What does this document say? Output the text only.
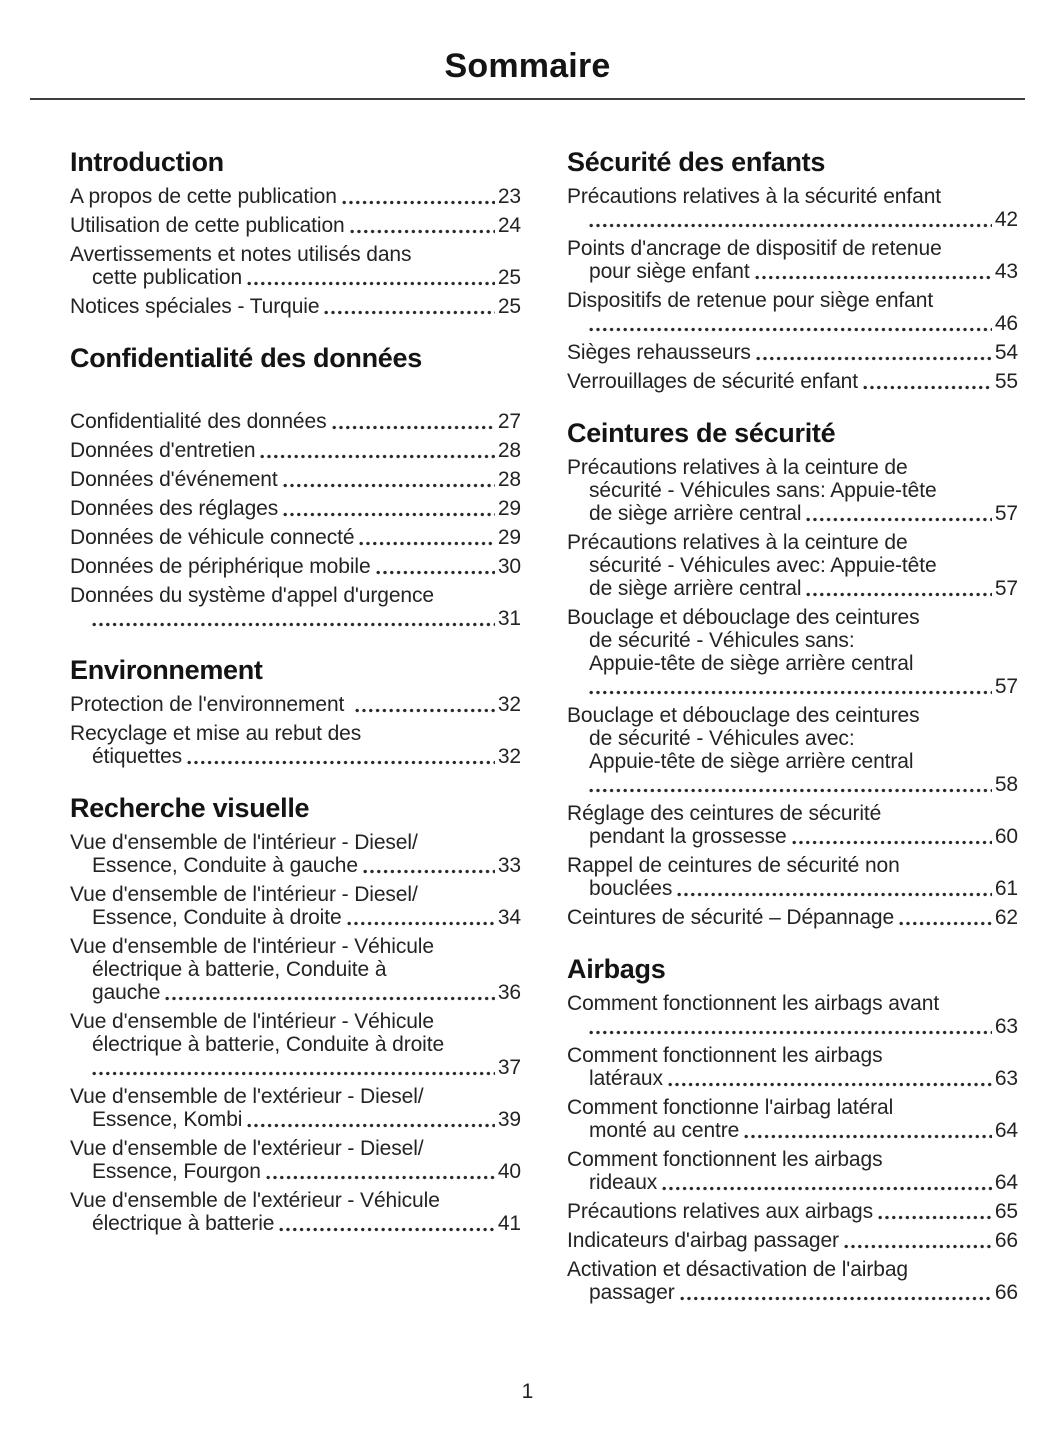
Sommaire
Introduction
A propos de cette publication	23
Utilisation de cette publication	24
Avertissements et notes utilisés dans
cette publication	25
Notices spéciales - Turquie	25
Confidentialité des données
Confidentialité des données	27
Données d'entretien	28
Données d'événement	28
Données des réglages	29
Données de véhicule connecté	29
Données de périphérique mobile	30
Données du système d'appel d'urgence
31
Environnement
Protection de l'environnement	32
Recyclage et mise au rebut des
étiquettes	32
Recherche visuelle
Vue d'ensemble de l'intérieur - Diesel/
Essence, Conduite à gauche	33
Vue d'ensemble de l'intérieur - Diesel/
Essence, Conduite à droite	34
Vue d'ensemble de l'intérieur - Véhicule
électrique à batterie, Conduite à
gauche	36
Vue d'ensemble de l'intérieur - Véhicule
électrique à batterie, Conduite à droite
37
Vue d'ensemble de l'extérieur - Diesel/
Essence, Kombi	39
Vue d'ensemble de l'extérieur - Diesel/
Essence, Fourgon	40
Vue d'ensemble de l'extérieur - Véhicule
électrique à batterie	41
Sécurité des enfants
Précautions relatives à la sécurité enfant
42
Points d'ancrage de dispositif de retenue
pour siège enfant	43
Dispositifs de retenue pour siège enfant
46
Sièges rehausseurs	54
Verrouillages de sécurité enfant	55
Ceintures de sécurité
Précautions relatives à la ceinture de
sécurité - Véhicules sans: Appuie-tête
de siège arrière central	57
Précautions relatives à la ceinture de
sécurité - Véhicules avec: Appuie-tête
de siège arrière central	57
Bouclage et débouclage des ceintures
de sécurité - Véhicules sans:
Appuie-tête de siège arrière central
57
Bouclage et débouclage des ceintures
de sécurité - Véhicules avec:
Appuie-tête de siège arrière central
58
Réglage des ceintures de sécurité
pendant la grossesse	60
Rappel de ceintures de sécurité non
bouclées	61
Ceintures de sécurité – Dépannage	62
Airbags
Comment fonctionnent les airbags avant
63
Comment fonctionnent les airbags
latéraux	63
Comment fonctionne l'airbag latéral
monté au centre	64
Comment fonctionnent les airbags
rideaux	64
Précautions relatives aux airbags	65
Indicateurs d'airbag passager	66
Activation et désactivation de l'airbag
passager	66
1
